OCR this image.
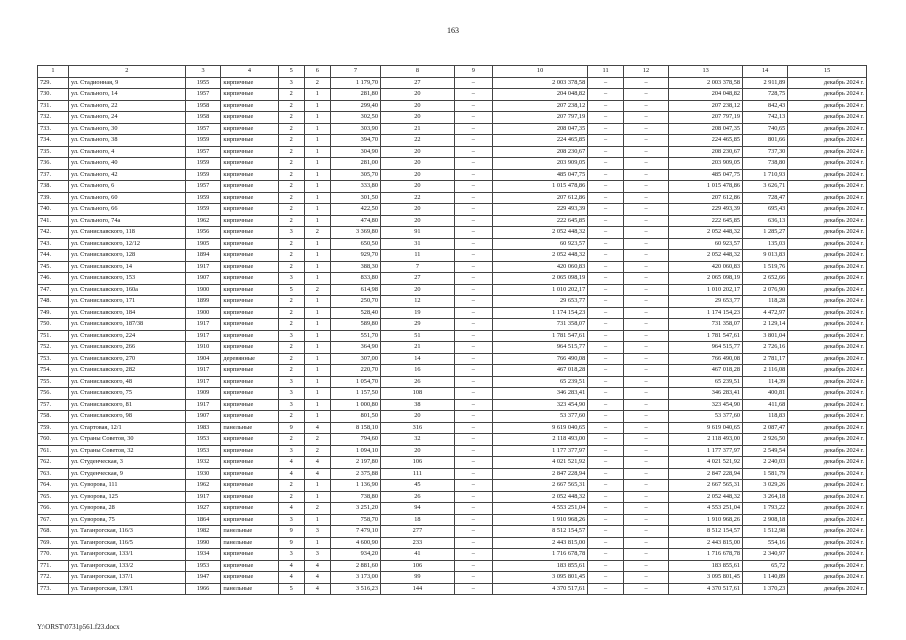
163
1	2	3	4	5	6	7	8	9	10	11	12	13	14	15
729.	ул. Стадионная, 9	1955	кирпичные	3	2	1 179,70	27	–	2 003 378,58	–	–	2 003 378,58	2 911,89	декабрь 2024 г.
730.	ул. Стального, 14	1957	кирпичные	2	1	281,80	20	–	204 048,82	–	–	204 048,82	728,75	декабрь 2024 г.
731.	ул. Стального, 22	1958	кирпичные	2	1	299,40	20	–	207 238,12	–	–	207 238,12	842,43	декабрь 2024 г.
732.	ул. Стального, 24	1958	кирпичные	2	1	302,50	20	–	207 797,19	–	–	207 797,19	742,13	декабрь 2024 г.
733.	ул. Стального, 30	1957	кирпичные	2	1	303,90	21	–	208 047,35	–	–	208 047,35	740,65	декабрь 2024 г.
734.	ул. Стального, 38	1959	кирпичные	2	1	394,70	22	–	224 465,85	–	–	224 465,85	801,66	декабрь 2024 г.
735.	ул. Стального, 4	1957	кирпичные	2	1	304,90	20	–	208 230,67	–	–	208 230,67	737,30	декабрь 2024 г.
736.	ул. Стального, 40	1959	кирпичные	2	1	281,00	20	–	203 909,05	–	–	203 909,05	738,80	декабрь 2024 г.
737.	ул. Стального, 42	1959	кирпичные	2	1	305,70	20	–	485 047,75	–	–	485 047,75	1 710,93	декабрь 2024 г.
738.	ул. Стального, 6	1957	кирпичные	2	1	333,80	20	–	1 015 478,86	–	–	1 015 478,86	3 626,71	декабрь 2024 г.
739.	ул. Стального, 60	1959	кирпичные	2	1	301,50	22	–	207 612,86	–	–	207 612,86	728,47	декабрь 2024 г.
740.	ул. Стального, 66	1959	кирпичные	2	1	422,50	20	–	229 493,39	–	–	229 493,39	695,43	декабрь 2024 г.
741.	ул. Стального, 74а	1962	кирпичные	2	1	474,80	20	–	222 645,85	–	–	222 645,85	636,13	декабрь 2024 г.
742.	ул. Станиславского, 118	1956	кирпичные	3	2	3 369,80	91	–	2 052 448,32	–	–	2 052 448,32	1 285,27	декабрь 2024 г.
743.	ул. Станиславского, 12/12	1905	кирпичные	2	1	650,50	31	–	60 923,57	–	–	60 923,57	135,03	декабрь 2024 г.
744.	ул. Станиславского, 128	1894	кирпичные	2	1	929,70	11	–	2 052 448,32	–	–	2 052 448,32	9 013,83	декабрь 2024 г.
745.	ул. Станиславского, 14	1917	кирпичные	2	1	388,30	7	–	420 060,83	–	–	420 060,83	1 519,76	декабрь 2024 г.
746.	ул. Станиславского, 153	1907	кирпичные	3	1	833,80	27	–	2 065 098,19	–	–	2 065 098,19	2 652,66	декабрь 2024 г.
747.	ул. Станиславского, 160а	1900	кирпичные	5	2	614,98	20	–	1 010 202,17	–	–	1 010 202,17	2 076,90	декабрь 2024 г.
748.	ул. Станиславского, 171	1899	кирпичные	2	1	250,70	12	–	29 653,77	–	–	29 653,77	118,28	декабрь 2024 г.
749.	ул. Станиславского, 184	1900	кирпичные	2	1	528,40	19	–	1 174 154,23	–	–	1 174 154,23	4 472,97	декабрь 2024 г.
750.	ул. Станиславского, 187/38	1917	кирпичные	2	1	589,80	29	–	731 358,07	–	–	731 358,07	2 129,14	декабрь 2024 г.
751.	ул. Станиславского, 224	1917	кирпичные	3	1	551,70	51	–	1 781 547,61	–	–	1 781 547,61	3 801,04	декабрь 2024 г.
752.	ул. Станиславского, 266	1910	кирпичные	2	1	364,90	21	–	964 515,77	–	–	964 515,77	2 726,16	декабрь 2024 г.
753.	ул. Станиславского, 270	1904	деревянные	2	1	307,00	14	–	766 490,08	–	–	766 490,08	2 781,17	декабрь 2024 г.
754.	ул. Станиславского, 282	1917	кирпичные	2	1	220,70	16	–	467 018,28	–	–	467 018,28	2 116,08	декабрь 2024 г.
755.	ул. Станиславского, 48	1917	кирпичные	3	1	1 054,70	26	–	65 239,51	–	–	65 239,51	114,39	декабрь 2024 г.
756.	ул. Станиславского, 75	1909	кирпичные	3	1	1 157,50	108	–	346 283,41	–	–	346 283,41	400,81	декабрь 2024 г.
757.	ул. Станиславского, 81	1917	кирпичные	3	1	1 000,80	38	–	323 454,90	–	–	323 454,90	411,68	декабрь 2024 г.
758.	ул. Станиславского, 98	1907	кирпичные	2	1	801,50	20	–	53 377,60	–	–	53 377,60	118,83	декабрь 2024 г.
759.	ул. Стартовая, 12/1	1983	панельные	9	4	8 158,10	316	–	9 619 040,65	–	–	9 619 040,65	2 087,47	декабрь 2024 г.
760.	ул. Страны Советов, 30	1953	кирпичные	2	2	794,60	32	–	2 118 493,00	–	–	2 118 493,00	2 926,50	декабрь 2024 г.
761.	ул. Страны Советов, 32	1953	кирпичные	3	2	1 094,10	20	–	1 177 377,97	–	–	1 177 377,97	2 549,54	декабрь 2024 г.
762.	ул. Студенческая, 3	1932	кирпичные	4	4	2 197,80	106	–	4 021 521,92	–	–	4 021 521,92	2 240,03	декабрь 2024 г.
763.	ул. Студенческая, 9	1930	кирпичные	4	4	2 375,88	111	–	2 847 228,94	–	–	2 847 228,94	1 581,79	декабрь 2024 г.
764.	ул. Суворова, 111	1962	кирпичные	2	1	1 136,90	45	–	2 667 565,31	–	–	2 667 565,31	3 029,26	декабрь 2024 г.
765.	ул. Суворова, 125	1917	кирпичные	2	1	738,80	26	–	2 052 448,32	–	–	2 052 448,32	3 264,18	декабрь 2024 г.
766.	ул. Суворова, 28	1927	кирпичные	4	2	3 251,20	94	–	4 553 251,04	–	–	4 553 251,04	1 793,22	декабрь 2024 г.
767.	ул. Суворова, 75	1864	кирпичные	3	1	758,70	18	–	1 910 968,26	–	–	1 910 968,26	2 908,18	декабрь 2024 г.
768.	ул. Таганрогская, 116/3	1982	панельные	9	3	7 479,10	277	–	8 512 154,57	–	–	8 512 154,57	1 512,98	декабрь 2024 г.
769.	ул. Таганрогская, 116/5	1990	панельные	9	1	4 600,90	233	–	2 443 815,00	–	–	2 443 815,00	554,16	декабрь 2024 г.
770.	ул. Таганрогская, 133/1	1934	кирпичные	3	3	934,20	41	–	1 716 678,78	–	–	1 716 678,78	2 340,97	декабрь 2024 г.
771.	ул. Таганрогская, 133/2	1953	кирпичные	4	4	2 881,60	106	–	183 855,61	–	–	183 855,61	65,72	декабрь 2024 г.
772.	ул. Таганрогская, 137/1	1947	кирпичные	4	4	3 173,00	99	–	3 095 801,45	–	–	3 095 801,45	1 140,89	декабрь 2024 г.
773.	ул. Таганрогская, 139/1	1966	панельные	5	4	3 516,23	144	–	4 370 517,61	–	–	4 370 517,61	1 370,23	декабрь 2024 г.
Y:\ORST\0731p561.f23.docx
